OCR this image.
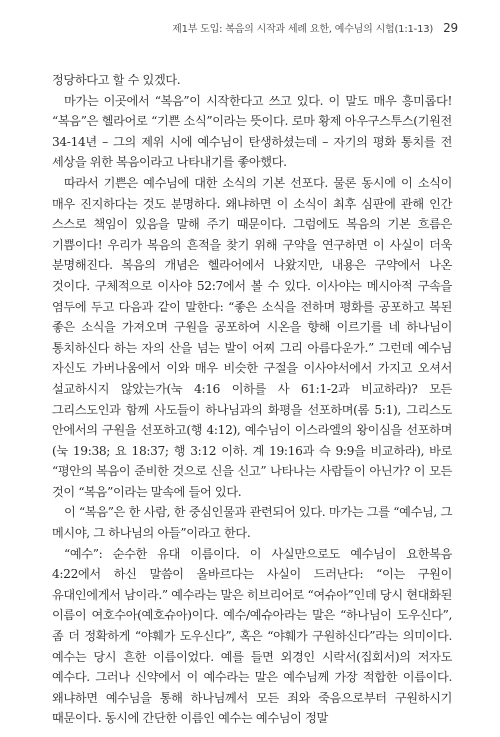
제1부 도입: 복음의 시작과 세례 요한, 예수님의 시험(1:1-13) 29

정당하다고 할 수 있겠다.

마가는 이곳에서 “복음”이 시작한다고 쓰고 있다. 이 말도 매우 흥미롭다! “복음”은 헬라어로 “기쁜 소식”이라는 뜻이다. 로마 황제 아우구스투스(기원전 34-14년 – 그의 제위 시에 예수님이 탄생하셨는데 – 자기의 평화 통치를 전 세상을 위한 복음이라고 나타내기를 좋아했다.

따라서 기쁜은 예수님에 대한 소식의 기본 선포다. 물론 동시에 이 소식이 매우 진지하다는 것도 분명하다. 왜냐하면 이 소식이 최후 심판에 관해 인간 스스로 책임이 있음을 말해 주기 때문이다. 그럼에도 복음의 기본 흐름은 기쁨이다! 우리가 복음의 흔적을 찾기 위해 구약을 연구하면 이 사실이 더욱 분명해진다. 복음의 개념은 헬라어에서 나왔지만, 내용은 구약에서 나온 것이다. 구체적으로 이사야 52:7에서 볼 수 있다. 이사야는 메시아적 구속을 염두에 두고 다음과 같이 말한다: “좋은 소식을 전하며 평화를 공포하고 복된 좋은 소식을 가져오며 구원을 공포하여 시온을 향해 이르기를 네 하나님이 통치하신다 하는 자의 산을 넘는 발이 어찌 그리 아름다운가.” 그런데 예수님 자신도 가버나움에서 이와 매우 비슷한 구절을 이사야서에서 가지고 오셔서 설교하시지 않았는가(눅 4:16 이하를 사 61:1-2과 비교하라)? 모든 그리스도인과 함께 사도들이 하나님과의 화평을 선포하며(롬 5:1), 그리스도 안에서의 구원을 선포하고(행 4:12), 예수님이 이스라엘의 왕이심을 선포하며(눅 19:38; 요 18:37; 행 3:12 이하. 계 19:16과 슥 9:9을 비교하라), 바로 “평안의 복음이 준비한 것으로 신을 신고” 나타나는 사람들이 아닌가? 이 모든 것이 “복음”이라는 말속에 들어 있다.

이 “복음”은 한 사람, 한 중심인물과 관련되어 있다. 마가는 그를 “예수님, 그 메시야, 그 하나님의 아들”이라고 한다.

“예수”: 순수한 유대 이름이다. 이 사실만으로도 예수님이 요한복음 4:22에서 하신 말씀이 올바르다는 사실이 드러난다: “이는 구원이 유대인에게서 남이라.” 예수라는 말은 히브리어로 “여슈아”인데 당시 현대화된 이름이 여호수아(예호슈아)이다. 예수/예슈아라는 말은 “하나님이 도우신다”, 좀 더 정확하게 “야훼가 도우신다”, 혹은 “야훼가 구원하신다”라는 의미이다. 예수는 당시 흔한 이름이었다. 예를 들면 외경인 시락서(집회서)의 저자도 예수다. 그러나 신약에서 이 예수라는 말은 예수님께 가장 적합한 이름이다. 왜냐하면 예수님을 통해 하나님께서 모든 죄와 죽음으로부터 구원하시기 때문이다. 동시에 간단한 이름인 예수는 예수님이 정말
